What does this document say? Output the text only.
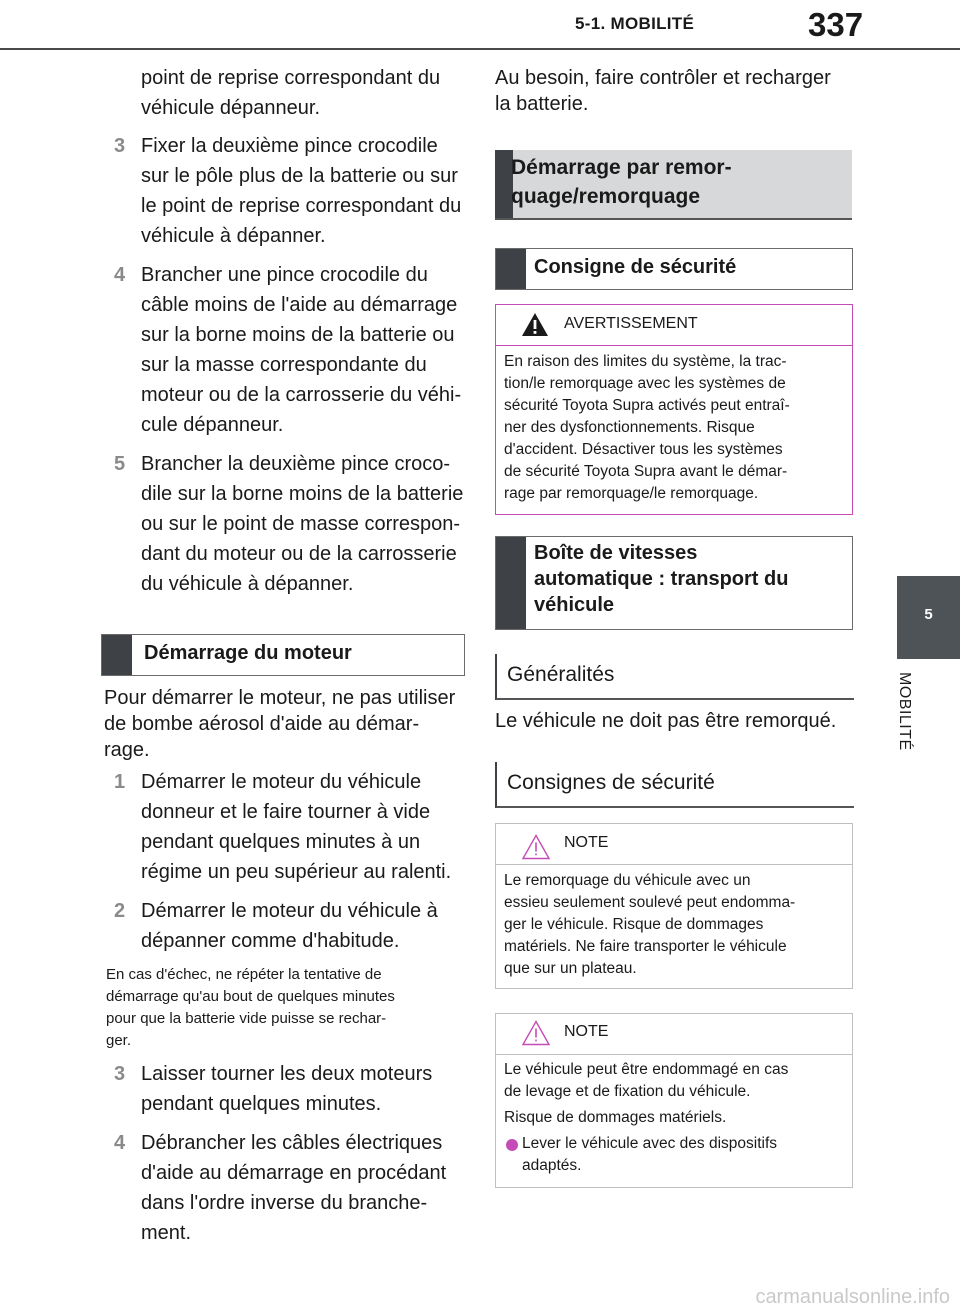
5-1. MOBILITÉ	337
5
MOBILITÉ
point de reprise correspondant du
véhicule dépanneur.
3 Fixer la deuxième pince crocodile
sur le pôle plus de la batterie ou sur
le point de reprise correspondant du
véhicule à dépanner.
4 Brancher une pince crocodile du
câble moins de l'aide au démarrage
sur la borne moins de la batterie ou
sur la masse correspondante du
moteur ou de la carrosserie du véhi-
cule dépanneur.
5 Brancher la deuxième pince croco-
dile sur la borne moins de la batterie
ou sur le point de masse correspon-
dant du moteur ou de la carrosserie
du véhicule à dépanner.
Démarrage du moteur
Pour démarrer le moteur, ne pas utiliser
de bombe aérosol d'aide au démar-
rage.
1 Démarrer le moteur du véhicule
donneur et le faire tourner à vide
pendant quelques minutes à un
régime un peu supérieur au ralenti.
2 Démarrer le moteur du véhicule à
dépanner comme d'habitude.
En cas d'échec, ne répéter la tentative de
démarrage qu'au bout de quelques minutes
pour que la batterie vide puisse se rechar-
ger.
3 Laisser tourner les deux moteurs
pendant quelques minutes.
4 Débrancher les câbles électriques
d'aide au démarrage en procédant
dans l'ordre inverse du branche-
ment.
Au besoin, faire contrôler et recharger
la batterie.
Démarrage par remor-
quage/remorquage
Consigne de sécurité
AVERTISSEMENT
En raison des limites du système, la trac-
tion/le remorquage avec les systèmes de
sécurité Toyota Supra activés peut entraî-
ner des dysfonctionnements. Risque
d'accident. Désactiver tous les systèmes
de sécurité Toyota Supra avant le démar-
rage par remorquage/le remorquage.
Boîte de vitesses
automatique : transport du
véhicule
Généralités
Le véhicule ne doit pas être remorqué.
Consignes de sécurité
NOTE
Le remorquage du véhicule avec un
essieu seulement soulevé peut endomma-
ger le véhicule. Risque de dommages
matériels. Ne faire transporter le véhicule
que sur un plateau.
NOTE
Le véhicule peut être endommagé en cas
de levage et de fixation du véhicule.
Risque de dommages matériels.
Lever le véhicule avec des dispositifs
adaptés.
carmanualsonline.info
